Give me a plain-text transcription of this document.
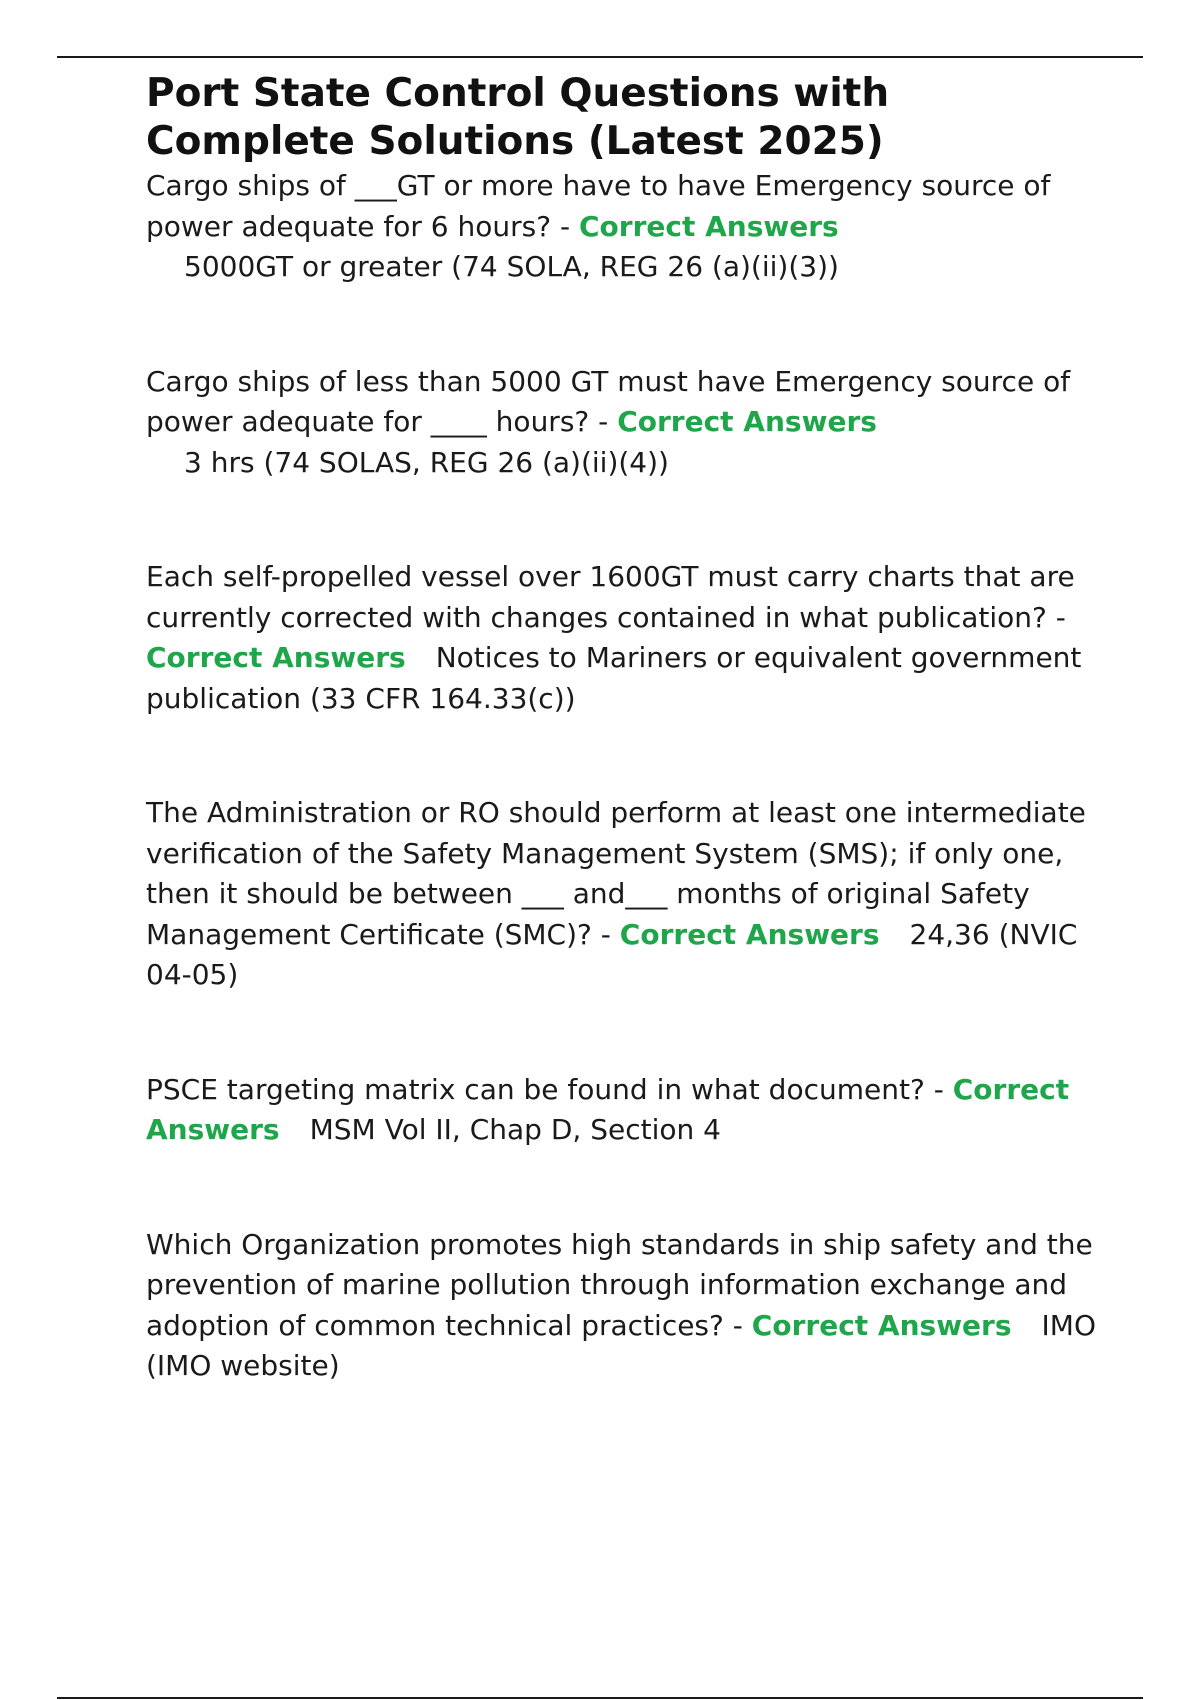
Port State Control Questions with Complete Solutions (Latest 2025)

Cargo ships of ___GT or more have to have Emergency source of power adequate for 6 hours? - Correct Answers
5000GT or greater (74 SOLA, REG 26 (a)(ii)(3))

Cargo ships of less than 5000 GT must have Emergency source of power adequate for ____ hours? - Correct Answers
3 hrs (74 SOLAS, REG 26 (a)(ii)(4))

Each self-propelled vessel over 1600GT must carry charts that are currently corrected with changes contained in what publication? - Correct Answers Notices to Mariners or equivalent government publication (33 CFR 164.33(c))

The Administration or RO should perform at least one intermediate verification of the Safety Management System (SMS); if only one, then it should be between ___ and___ months of original Safety Management Certificate (SMC)? - Correct Answers 24,36 (NVIC 04-05)

PSCE targeting matrix can be found in what document? - Correct Answers MSM Vol II, Chap D, Section 4

Which Organization promotes high standards in ship safety and the prevention of marine pollution through information exchange and adoption of common technical practices? - Correct Answers IMO (IMO website)
